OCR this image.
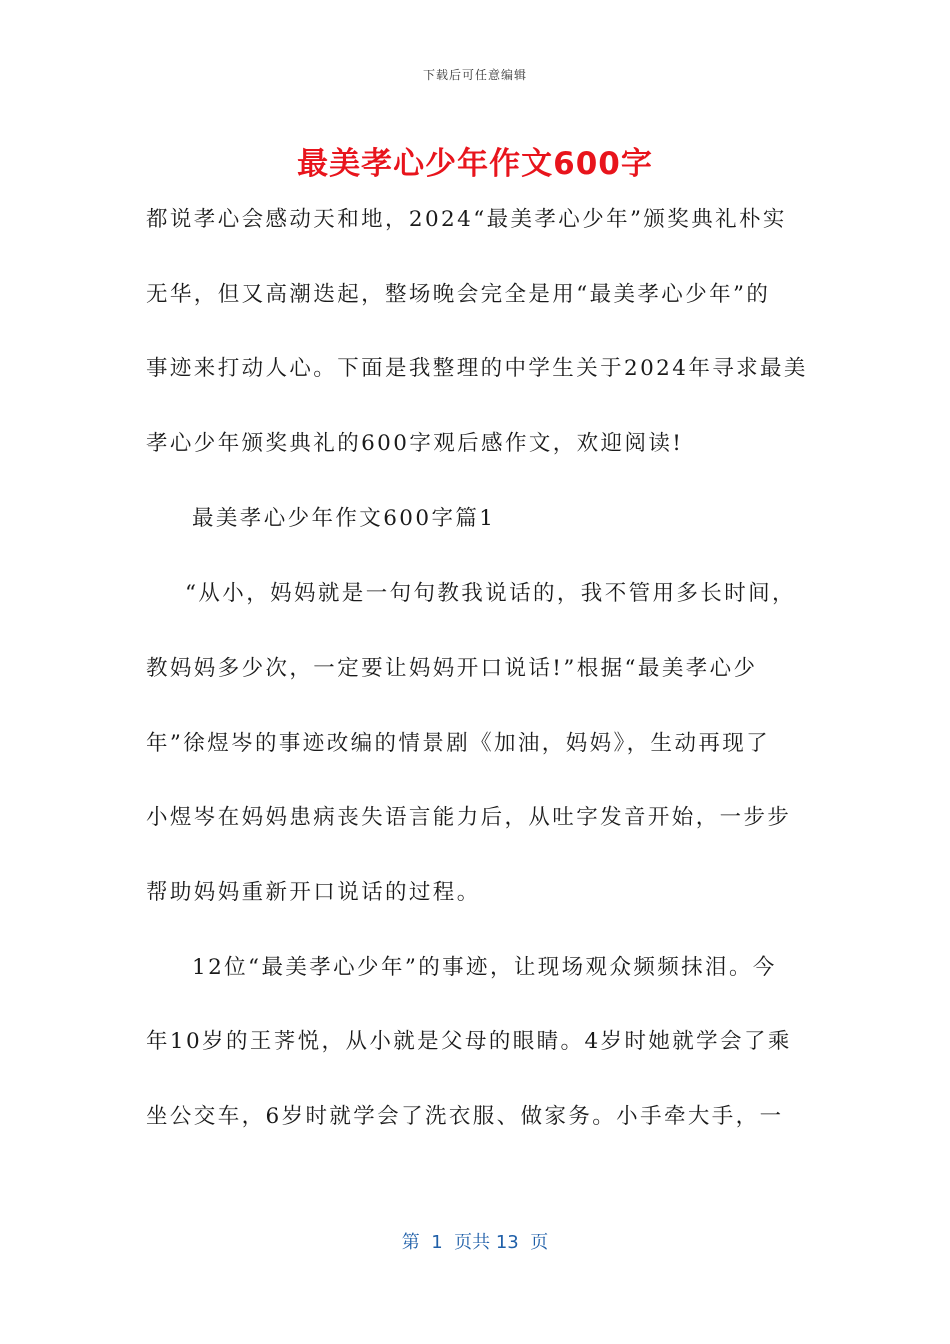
下载后可任意编辑
最美孝心少年作文600字
都说孝心会感动天和地，2024“最美孝心少年”颁奖典礼朴实
无华，但又高潮迭起，整场晚会完全是用“最美孝心少年”的
事迹来打动人心。下面是我整理的中学生关于2024年寻求最美
孝心少年颁奖典礼的600字观后感作文，欢迎阅读!
最美孝心少年作文600字篇1
“从小，妈妈就是一句句教我说话的，我不管用多长时间，
教妈妈多少次，一定要让妈妈开口说话!”根据“最美孝心少
年”徐煜岑的事迹改编的情景剧《加油，妈妈》，生动再现了
小煜岑在妈妈患病丧失语言能力后，从吐字发音开始，一步步
帮助妈妈重新开口说话的过程。
12位“最美孝心少年”的事迹，让现场观众频频抹泪。今
年10岁的王荠悦，从小就是父母的眼睛。4岁时她就学会了乘
坐公交车，6岁时就学会了洗衣服、做家务。小手牵大手，一
第  1  页共 13  页
